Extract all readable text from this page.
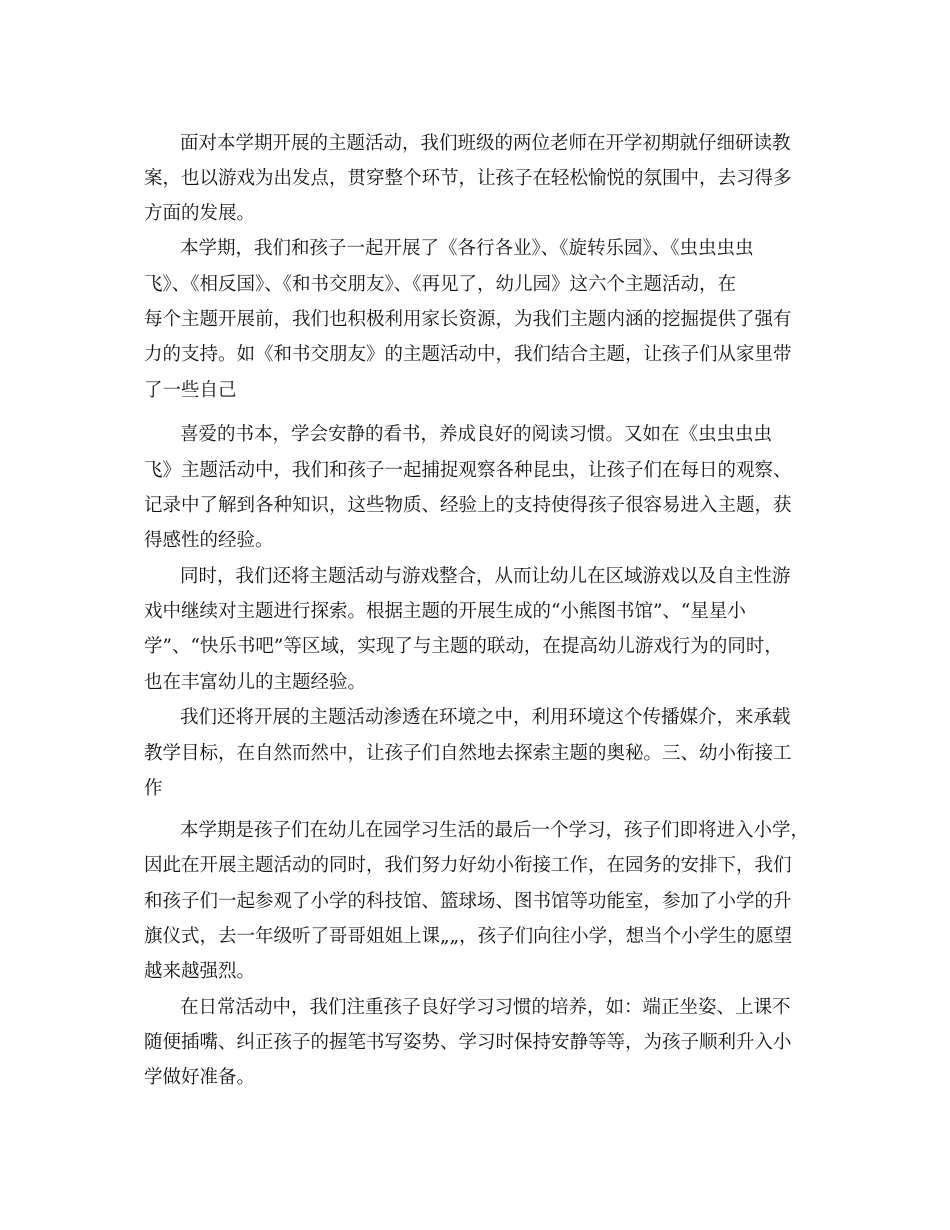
面对本学期开展的主题活动，我们班级的两位老师在开学初期就仔细研读教

案，也以游戏为出发点，贯穿整个环节，让孩子在轻松愉悦的氛围中，去习得多

方面的发展。

本学期，我们和孩子一起开展了《各行各业》、《旋转乐园》、《虫虫虫虫

飞》、《相反国》、《和书交朋友》、《再见了，幼儿园》这六个主题活动，在

每个主题开展前，我们也积极利用家长资源，为我们主题内涵的挖掘提供了强有

力的支持。如《和书交朋友》的主题活动中，我们结合主题，让孩子们从家里带

了一些自己

喜爱的书本，学会安静的看书，养成良好的阅读习惯。又如在《虫虫虫虫

飞》主题活动中，我们和孩子一起捕捉观察各种昆虫，让孩子们在每日的观察、

记录中了解到各种知识，这些物质、经验上的支持使得孩子很容易进入主题，获

得感性的经验。

同时，我们还将主题活动与游戏整合，从而让幼儿在区域游戏以及自主性游

戏中继续对主题进行探索。根据主题的开展生成的“小熊图书馆”、“星星小

学”、“快乐书吧”等区域，实现了与主题的联动，在提高幼儿游戏行为的同时，

也在丰富幼儿的主题经验。

我们还将开展的主题活动渗透在环境之中，利用环境这个传播媒介，来承载

教学目标，在自然而然中，让孩子们自然地去探索主题的奥秘。三、幼小衔接工

作

本学期是孩子们在幼儿在园学习生活的最后一个学习，孩子们即将进入小学，

因此在开展主题活动的同时，我们努力好幼小衔接工作，在园务的安排下，我们

和孩子们一起参观了小学的科技馆、篮球场、图书馆等功能室，参加了小学的升

旗仪式，去一年级听了哥哥姐姐上课„„，孩子们向往小学，想当个小学生的愿望

越来越强烈。

在日常活动中，我们注重孩子良好学习习惯的培养，如：端正坐姿、上课不

随便插嘴、纠正孩子的握笔书写姿势、学习时保持安静等等，为孩子顺利升入小

学做好准备。
